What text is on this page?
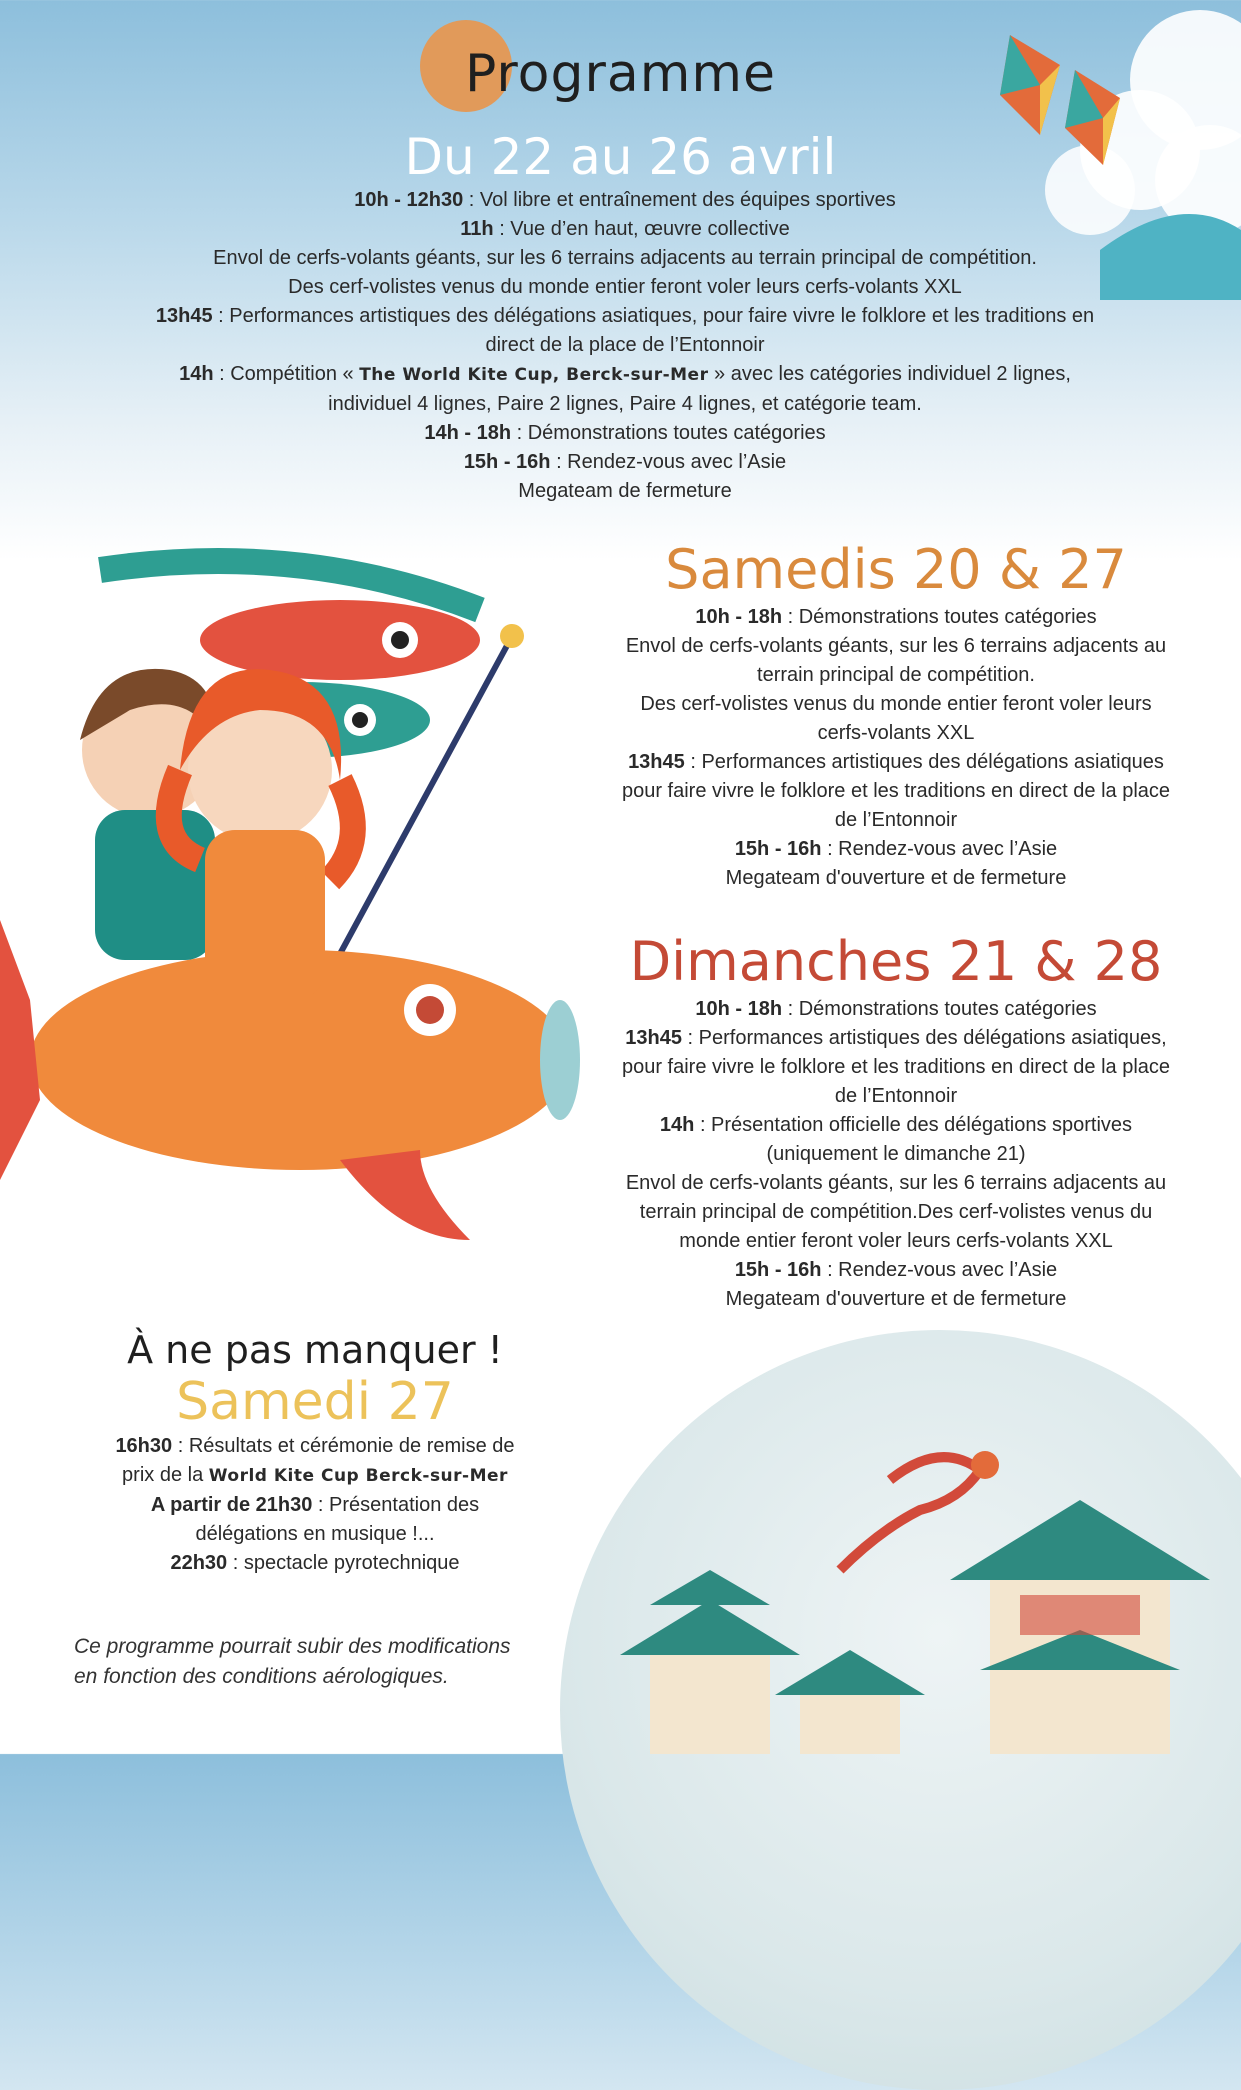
Programme
Du 22 au 26 avril

10h - 12h30 : Vol libre et entraînement des équipes sportives

11h : Vue d’en haut, œuvre collective

Envol de cerfs-volants géants, sur les 6 terrains adjacents au terrain principal de compétition.

Des cerf-volistes venus du monde entier feront voler leurs cerfs-volants XXL

13h45 : Performances artistiques des délégations asiatiques, pour faire vivre le folklore et les traditions en

direct de la place de l’Entonnoir

14h : Compétition « The World Kite Cup, Berck-sur-Mer » avec les catégories individuel 2 lignes,

individuel 4 lignes, Paire 2 lignes, Paire 4 lignes, et catégorie team.

14h - 18h : Démonstrations toutes catégories

15h - 16h : Rendez-vous avec l’Asie

Megateam de fermeture

Samedis 20 & 27

10h - 18h : Démonstrations toutes catégories

Envol de cerfs-volants géants, sur les 6 terrains adjacents au

terrain principal de compétition.

Des cerf-volistes venus du monde entier feront voler leurs

cerfs-volants XXL

13h45 : Performances artistiques des délégations asiatiques

pour faire vivre le folklore et les traditions en direct de la place

de l’Entonnoir

15h - 16h : Rendez-vous avec l’Asie

Megateam d'ouverture et de fermeture

Dimanches 21 & 28

10h - 18h : Démonstrations toutes catégories

13h45 : Performances artistiques des délégations asiatiques,

pour faire vivre le folklore et les traditions en direct de la place

de l’Entonnoir

14h : Présentation officielle des délégations sportives

(uniquement le dimanche 21)

Envol de cerfs-volants géants, sur les 6 terrains adjacents au

terrain principal de compétition.Des cerf-volistes venus du

monde entier feront voler leurs cerfs-volants XXL

15h - 16h : Rendez-vous avec l’Asie

Megateam d'ouverture et de fermeture

À ne pas manquer !

Samedi 27

16h30 : Résultats et cérémonie de remise de

prix de la World Kite Cup Berck-sur-Mer

A partir de 21h30 : Présentation des

délégations en musique !...

22h30 : spectacle pyrotechnique

Ce programme pourrait subir des modifications
en fonction des conditions aérologiques.
